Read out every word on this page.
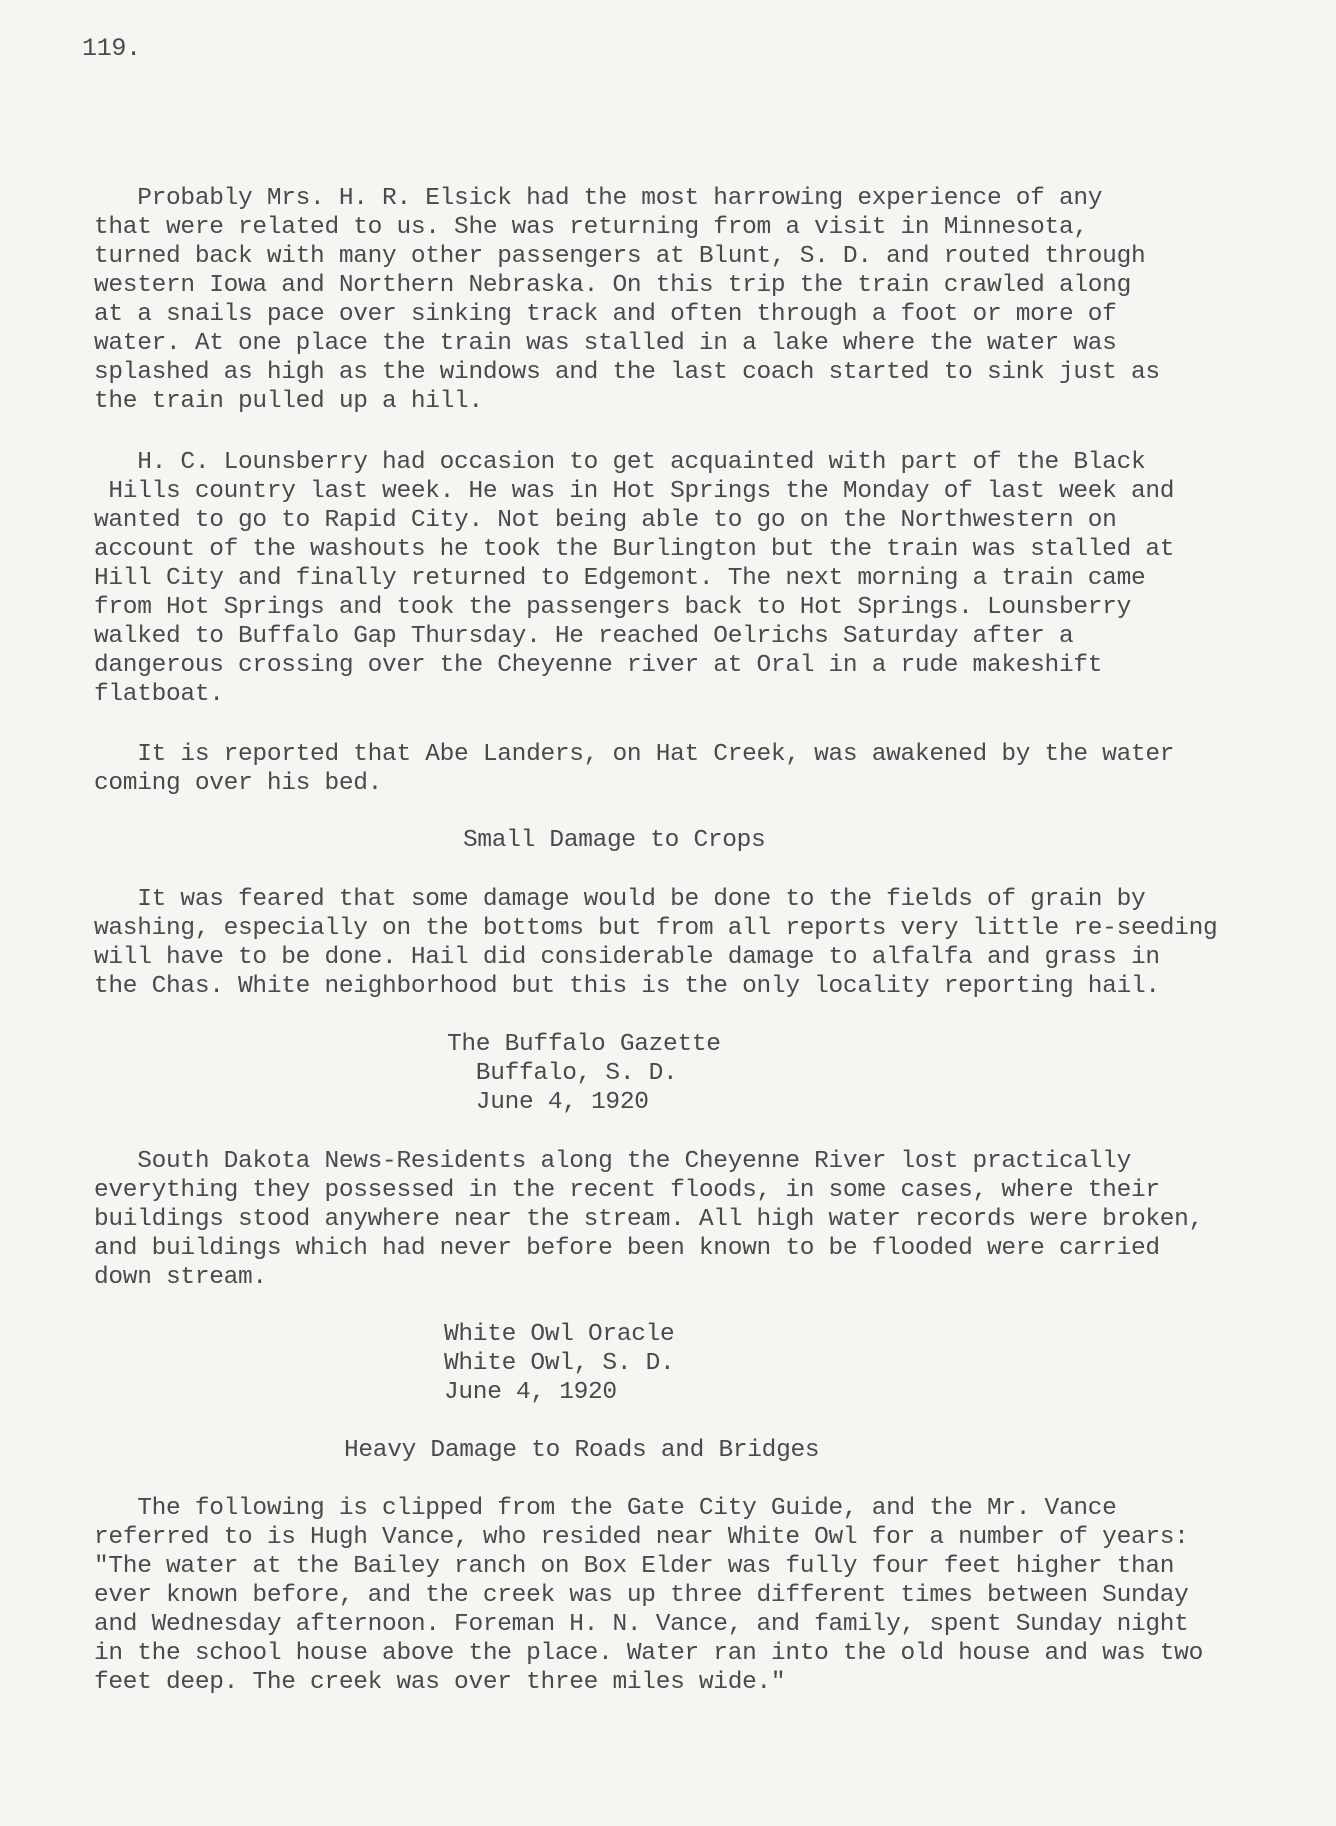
119.
Probably Mrs. H. R. Elsick had the most harrowing experience of any
that were related to us. She was returning from a visit in Minnesota,
turned back with many other passengers at Blunt, S. D. and routed through
western Iowa and Northern Nebraska. On this trip the train crawled along
at a snails pace over sinking track and often through a foot or more of
water. At one place the train was stalled in a lake where the water was
splashed as high as the windows and the last coach started to sink just as
the train pulled up a hill.
H. C. Lounsberry had occasion to get acquainted with part of the Black
Hills country last week. He was in Hot Springs the Monday of last week and
wanted to go to Rapid City. Not being able to go on the Northwestern on
account of the washouts he took the Burlington but the train was stalled at
Hill City and finally returned to Edgemont. The next morning a train came
from Hot Springs and took the passengers back to Hot Springs. Lounsberry
walked to Buffalo Gap Thursday. He reached Oelrichs Saturday after a
dangerous crossing over the Cheyenne river at Oral in a rude makeshift
flatboat.
It is reported that Abe Landers, on Hat Creek, was awakened by the water
coming over his bed.
Small Damage to Crops
It was feared that some damage would be done to the fields of grain by
washing, especially on the bottoms but from all reports very little re-seeding
will have to be done. Hail did considerable damage to alfalfa and grass in
the Chas. White neighborhood but this is the only locality reporting hail.
The Buffalo Gazette
Buffalo, S. D.
June 4, 1920
South Dakota News-Residents along the Cheyenne River lost practically
everything they possessed in the recent floods, in some cases, where their
buildings stood anywhere near the stream. All high water records were broken,
and buildings which had never before been known to be flooded were carried
down stream.
White Owl Oracle
White Owl, S. D.
June 4, 1920
Heavy Damage to Roads and Bridges
The following is clipped from the Gate City Guide, and the Mr. Vance
referred to is Hugh Vance, who resided near White Owl for a number of years:
"The water at the Bailey ranch on Box Elder was fully four feet higher than
ever known before, and the creek was up three different times between Sunday
and Wednesday afternoon. Foreman H. N. Vance, and family, spent Sunday night
in the school house above the place. Water ran into the old house and was two
feet deep. The creek was over three miles wide."
